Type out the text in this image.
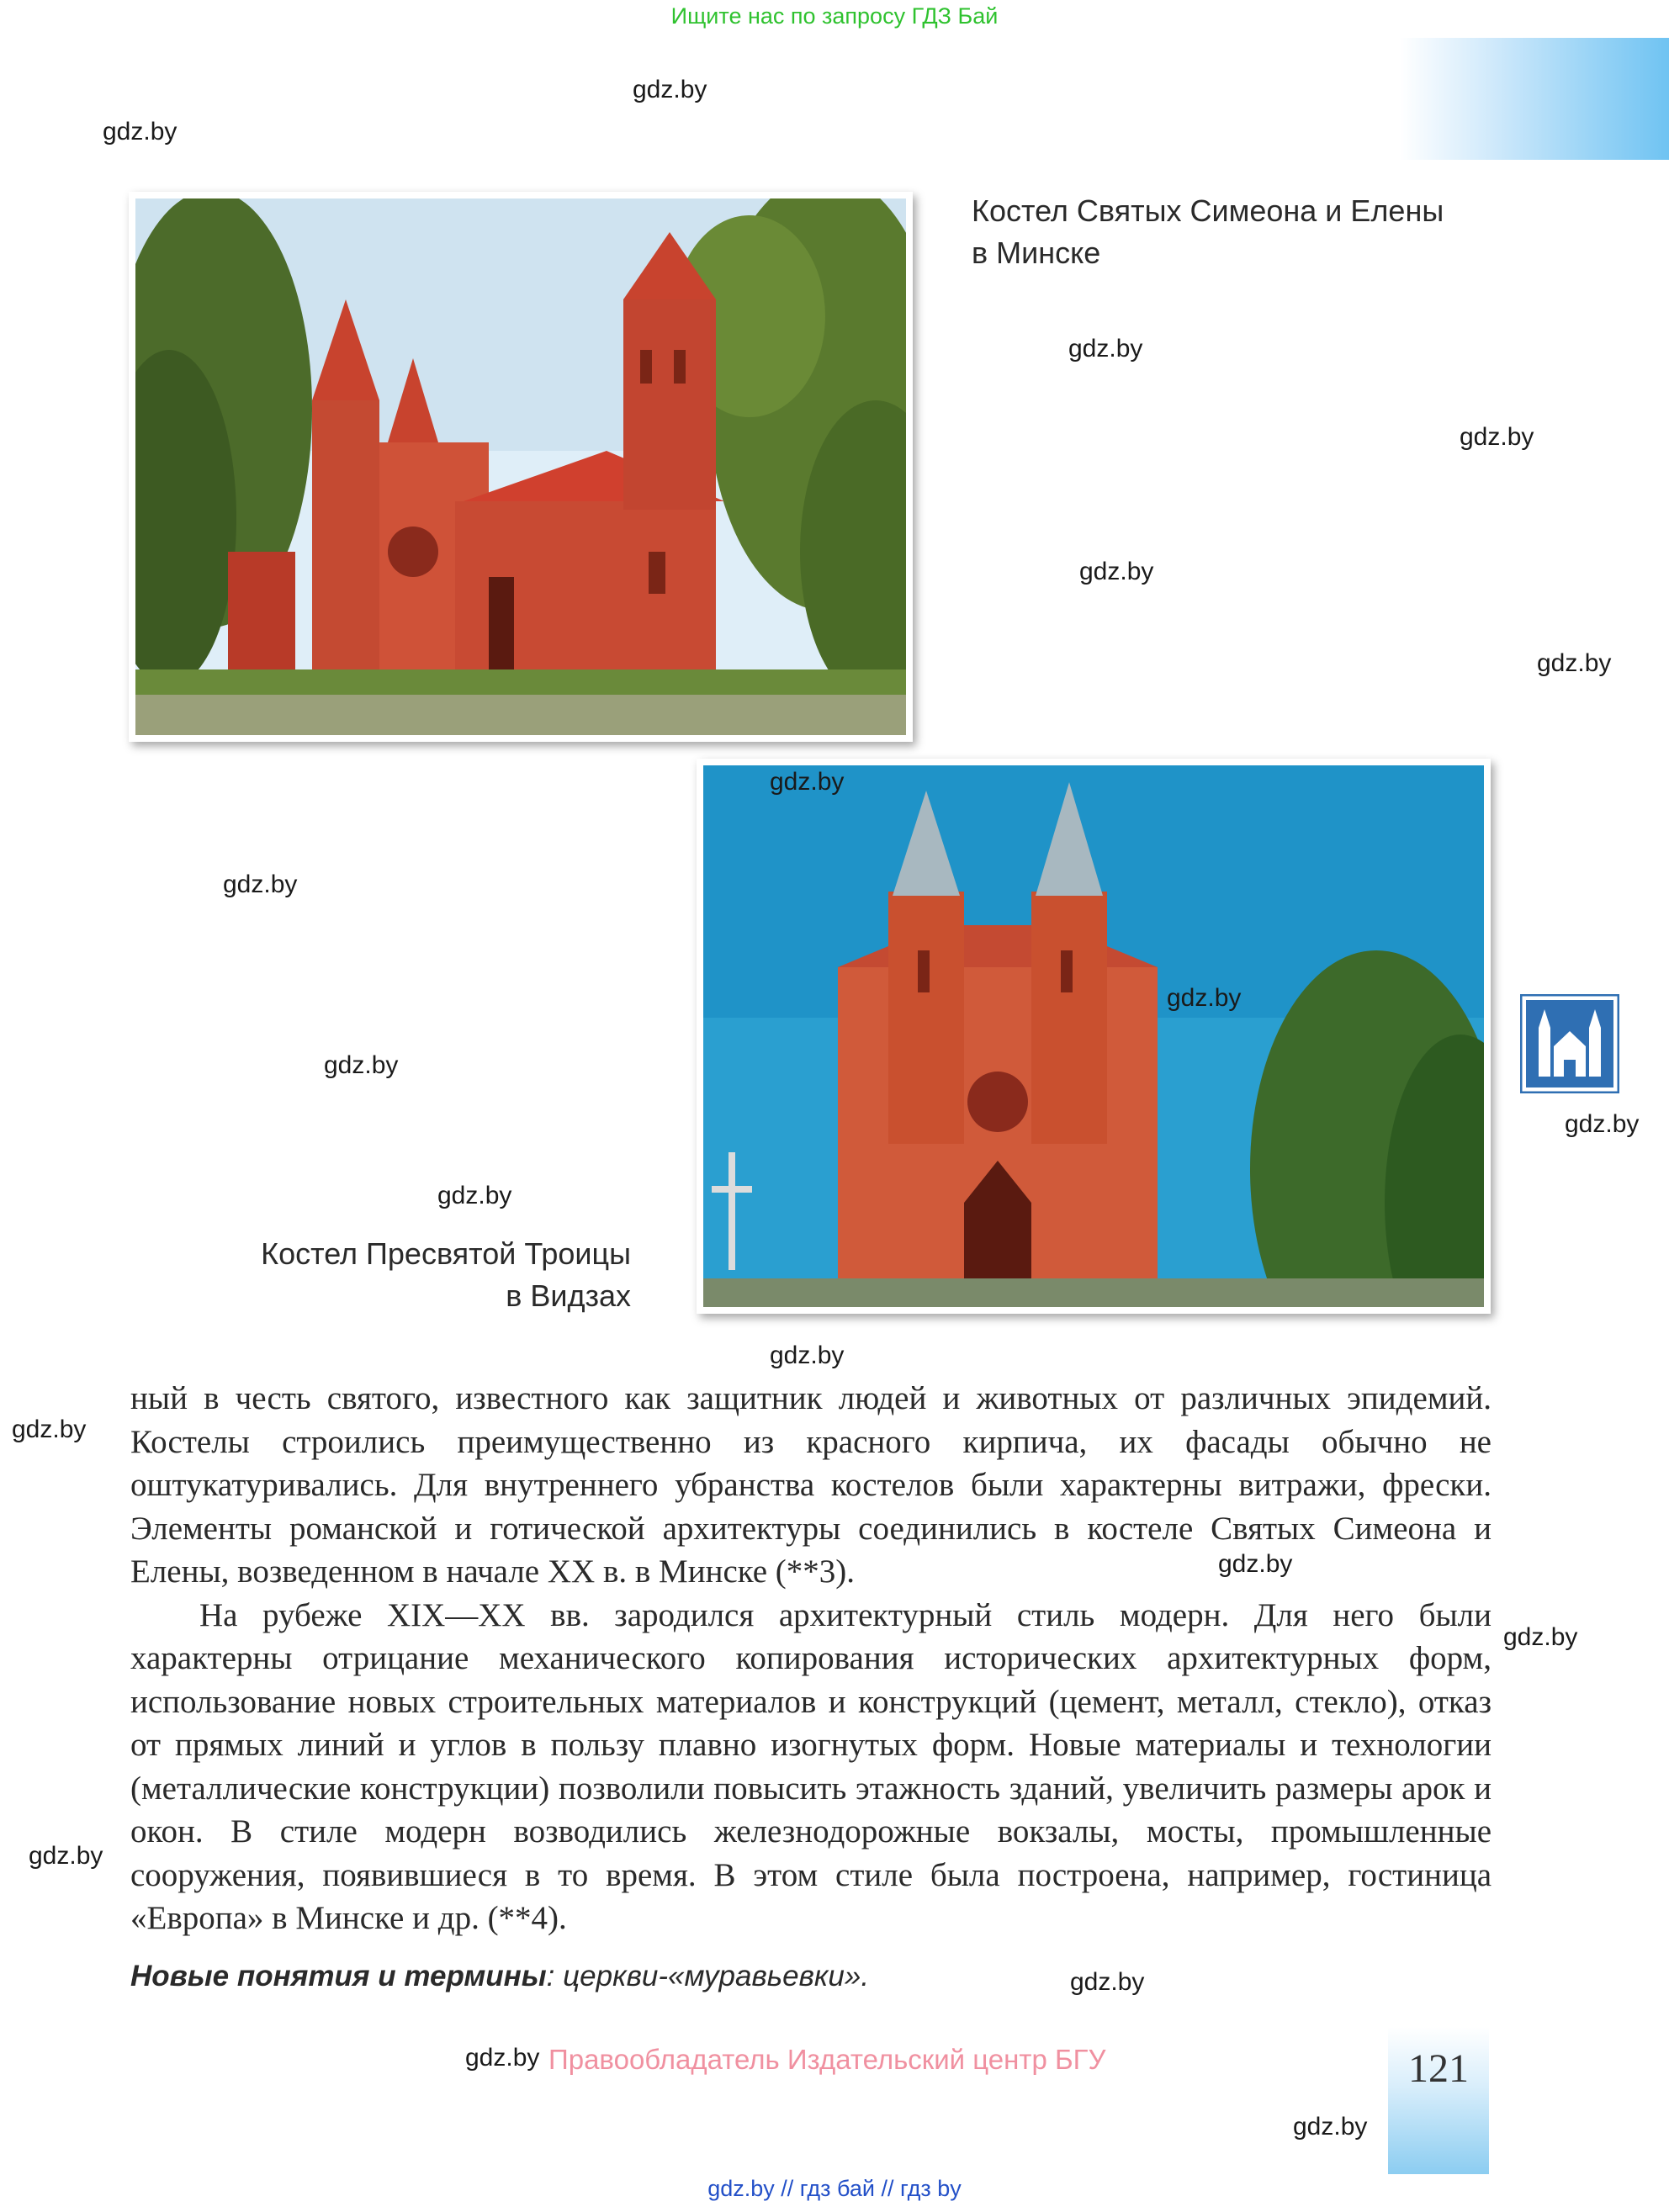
Ищите нас по запросу ГДЗ Бай
Костел Святых Симеона и Елены
в Минске
Костел Пресвятой Троицы
в Видзах

ный в честь святого, известного как защитник людей и животных от различных эпидемий. Костелы строились преимущественно из красного кирпича, их фасады обычно не оштукатуривались. Для внутреннего убранства костелов были характерны витражи, фрески. Элементы романской и готической архитектуры соединились в костеле Святых Симеона и Елены, возведенном в начале XX в. в Минске (**3).

На рубеже XIX—XX вв. зародился архитектурный стиль модерн. Для него были характерны отрицание механического копирования исторических архитектурных форм, использование новых строительных материалов и конструкций (цемент, металл, стекло), отказ от прямых линий и углов в пользу плавно изогнутых форм. Новые материалы и технологии (металлические конструкции) позволили повысить этажность зданий, увеличить размеры арок и окон. В стиле модерн возводились железнодорожные вокзалы, мосты, промышленные сооружения, появившиеся в то время. В этом стиле была построена, например, гостиница «Европа» в Минске и др. (**4).

Новые понятия и термины: церкви-«муравьевки».
Правообладатель Издательский центр БГУ	121
gdz.by // гдз бай // гдз by
gdz.by
gdz.by
gdz.by
gdz.by
gdz.by
gdz.by
gdz.by
gdz.by
gdz.by
gdz.by
gdz.by
gdz.by
gdz.by
gdz.by
gdz.by
gdz.by
gdz.by
gdz.by
gdz.by
gdz.by
